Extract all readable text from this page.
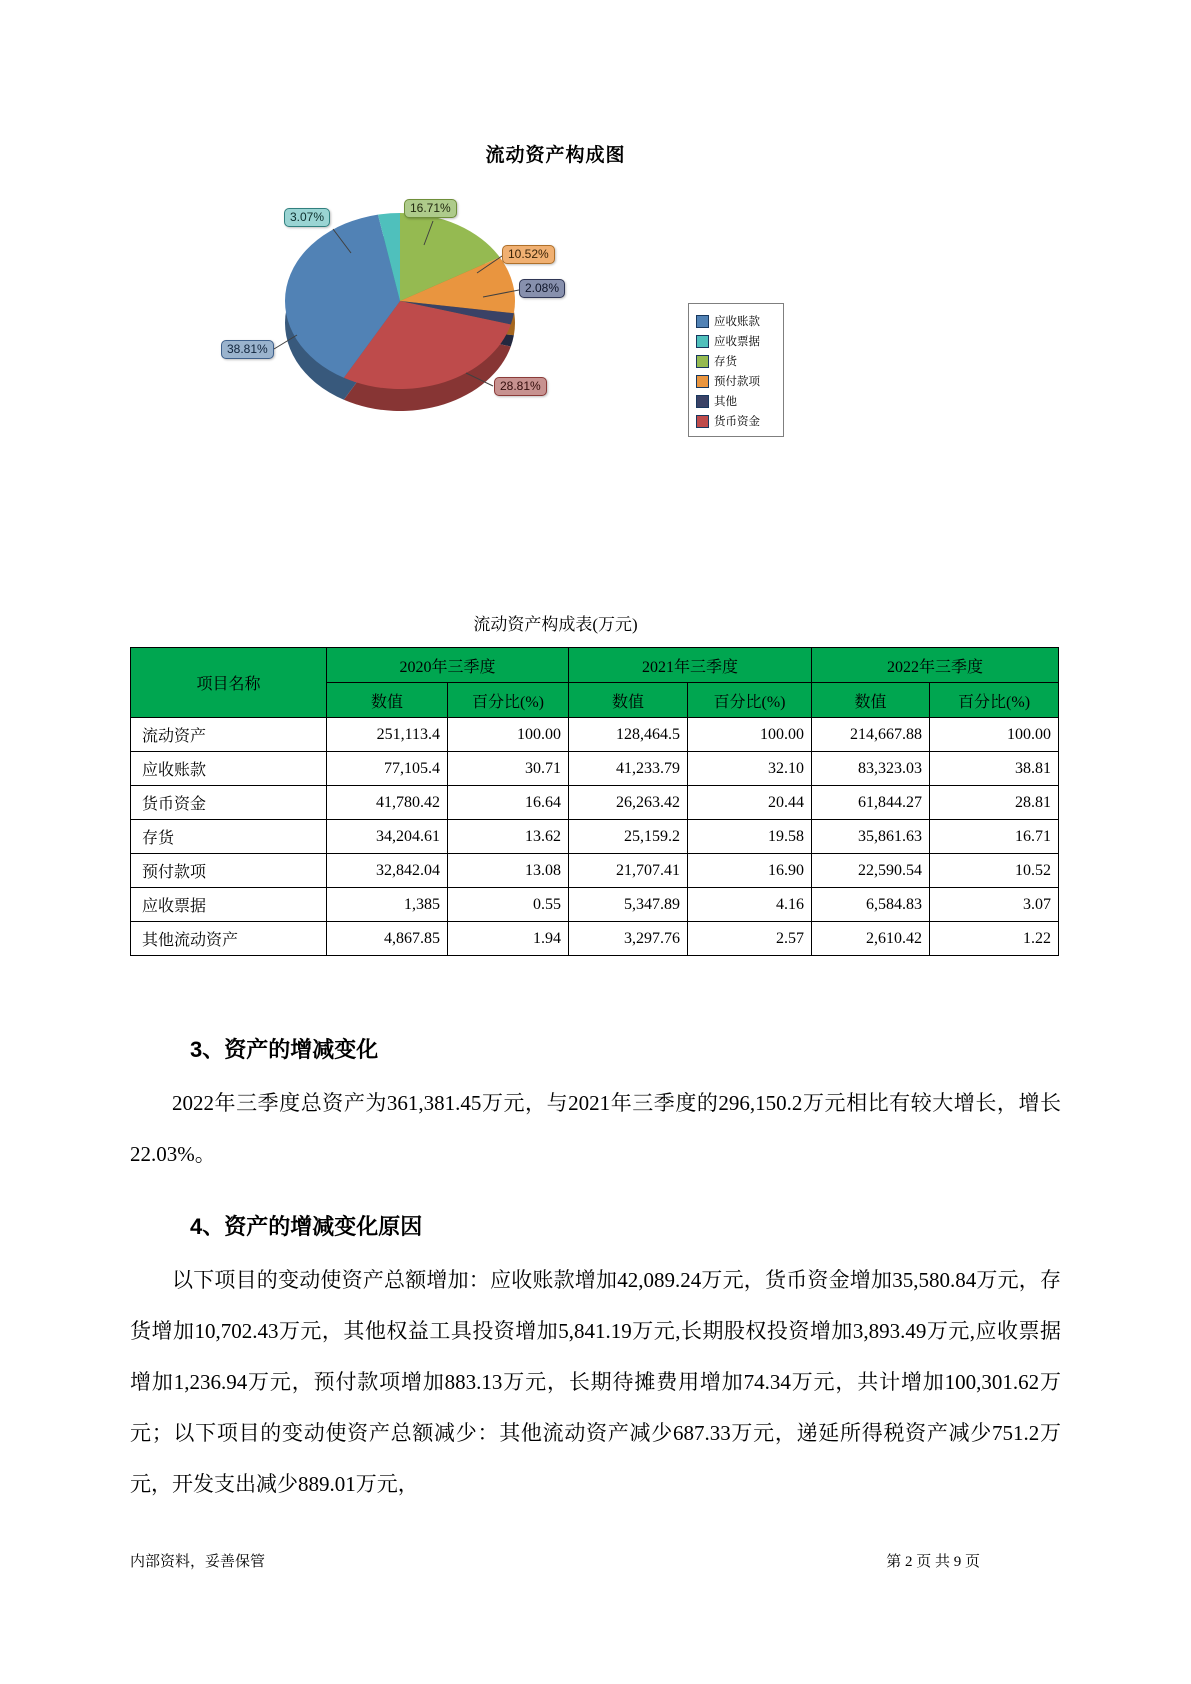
流动资产构成图
应收账款
应收票据
存货
预付款项
其他
货币资金
3.07%
16.71%
10.52%
2.08%
38.81%
28.81%
流动资产构成表(万元)
项目名称	2020年三季度		2021年三季度		2022年三季度	
	数值	百分比(%)	数值	百分比(%)	数值	百分比(%)
流动资产	251,113.4	100.00	128,464.5	100.00	214,667.88	100.00
应收账款	77,105.4	30.71	41,233.79	32.10	83,323.03	38.81
货币资金	41,780.42	16.64	26,263.42	20.44	61,844.27	28.81
存货	34,204.61	13.62	25,159.2	19.58	35,861.63	16.71
预付款项	32,842.04	13.08	21,707.41	16.90	22,590.54	10.52
应收票据	1,385	0.55	5,347.89	4.16	6,584.83	3.07
其他流动资产	4,867.85	1.94	3,297.76	2.57	2,610.42	1.22
3、资产的增减变化

2022年三季度总资产为361,381.45万元，与2021年三季度的296,150.2万元相比有较大增长，增长22.03%。

4、资产的增减变化原因

以下项目的变动使资产总额增加：应收账款增加42,089.24万元，货币资金增加35,580.84万元，存货增加10,702.43万元，其他权益工具投资增加5,841.19万元,长期股权投资增加3,893.49万元,应收票据增加1,236.94万元，预付款项增加883.13万元，长期待摊费用增加74.34万元，共计增加100,301.62万元；以下项目的变动使资产总额减少：其他流动资产减少687.33万元，递延所得税资产减少751.2万元，开发支出减少889.01万元，

内部资料，妥善保管	第 2 页 共 9 页
